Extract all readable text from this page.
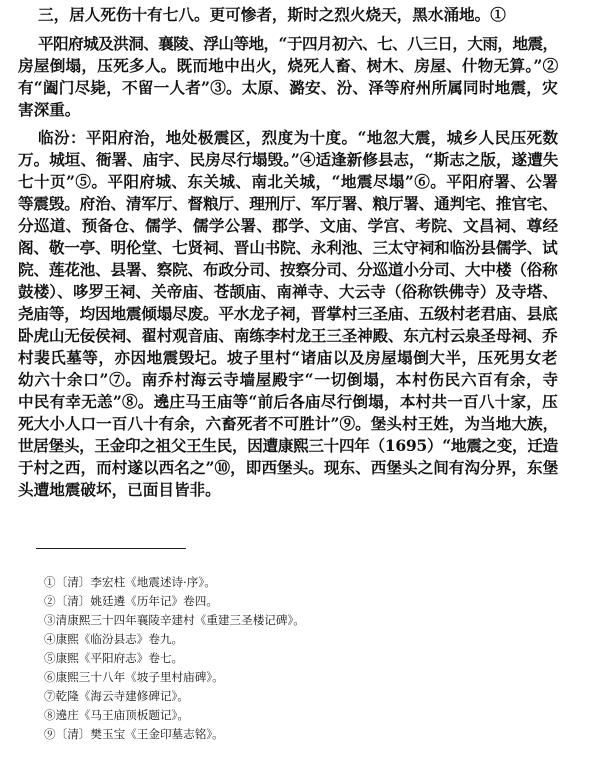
三，居人死伤十有七八。更可惨者，斯时之烈火烧天，黑水涌地。①
平阳府城及洪洞、襄陵、浮山等地，“于四月初六、七、八三日，大雨，地震，
房屋倒塌，压死多人。既而地中出火，烧死人畜、树木、房屋、什物无算。”②
有“阖门尽毙，不留一人者”③。太原、潞安、汾、泽等府州所属同时地震，灾
害深重。
临汾：平阳府治，地处极震区，烈度为十度。“地忽大震，城乡人民压死数
万。城垣、衙署、庙宇、民房尽行塌毁。”④适逢新修县志，“斯志之版，遂遭失
七十页”⑤。平阳府城、东关城、南北关城，“地震尽塌”⑥。平阳府署、公署
等震毁。府治、清军厅、督粮厅、理刑厅、军厅署、粮厅署、通判宅、推官宅、
分巡道、预备仓、儒学、儒学公署、郡学、文庙、学宫、考院、文昌祠、尊经
阁、敬一亭、明伦堂、七贤祠、晋山书院、永利池、三太守祠和临汾县儒学、试
院、莲花池、县署、察院、布政分司、按察分司、分巡道小分司、大中楼（俗称
鼓楼）、哆罗王祠、关帝庙、苍颉庙、南禅寺、大云寺（俗称铁佛寺）及寺塔、
尧庙等，均因地震倾塌尽废。平水龙子祠，晋掌村三圣庙、五级村老君庙、县底
卧虎山无佞侯祠、翟村观音庙、南练李村龙王三圣神殿、东亢村云泉圣母祠、乔
村裴氏墓等，亦因地震毁圮。坡子里村“诸庙以及房屋塌倒大半，压死男女老
幼六十余口”⑦。南乔村海云寺墙屋殿宇“一切倒塌，本村伤民六百有余，寺
中民有幸无恙”⑧。遶庄马王庙等“前后各庙尽行倒塌，本村共一百八十家，压
死大小人口一百八十有余，六畜死者不可胜计”⑨。堡头村王姓，为当地大族，
世居堡头，王金印之祖父王生民，因遭康熙三十四年（1695）“地震之变，迁造
于村之西，而村遂以西名之”⑩，即西堡头。现东、西堡头之间有沟分界，东堡
头遭地震破坏，已面目皆非。
①〔清〕李宏柱《地震述诗·序》。
②〔清〕姚廷遴《历年记》卷四。
③清康熙三十四年襄陵辛建村《重建三圣楼记碑》。
④康熙《临汾县志》卷九。
⑤康熙《平阳府志》卷七。
⑥康熙三十八年《坡子里村庙碑》。
⑦乾隆《海云寺建修碑记》。
⑧遶庄《马王庙顶板题记》。
⑨〔清〕樊玉宝《王金印墓志铭》。
